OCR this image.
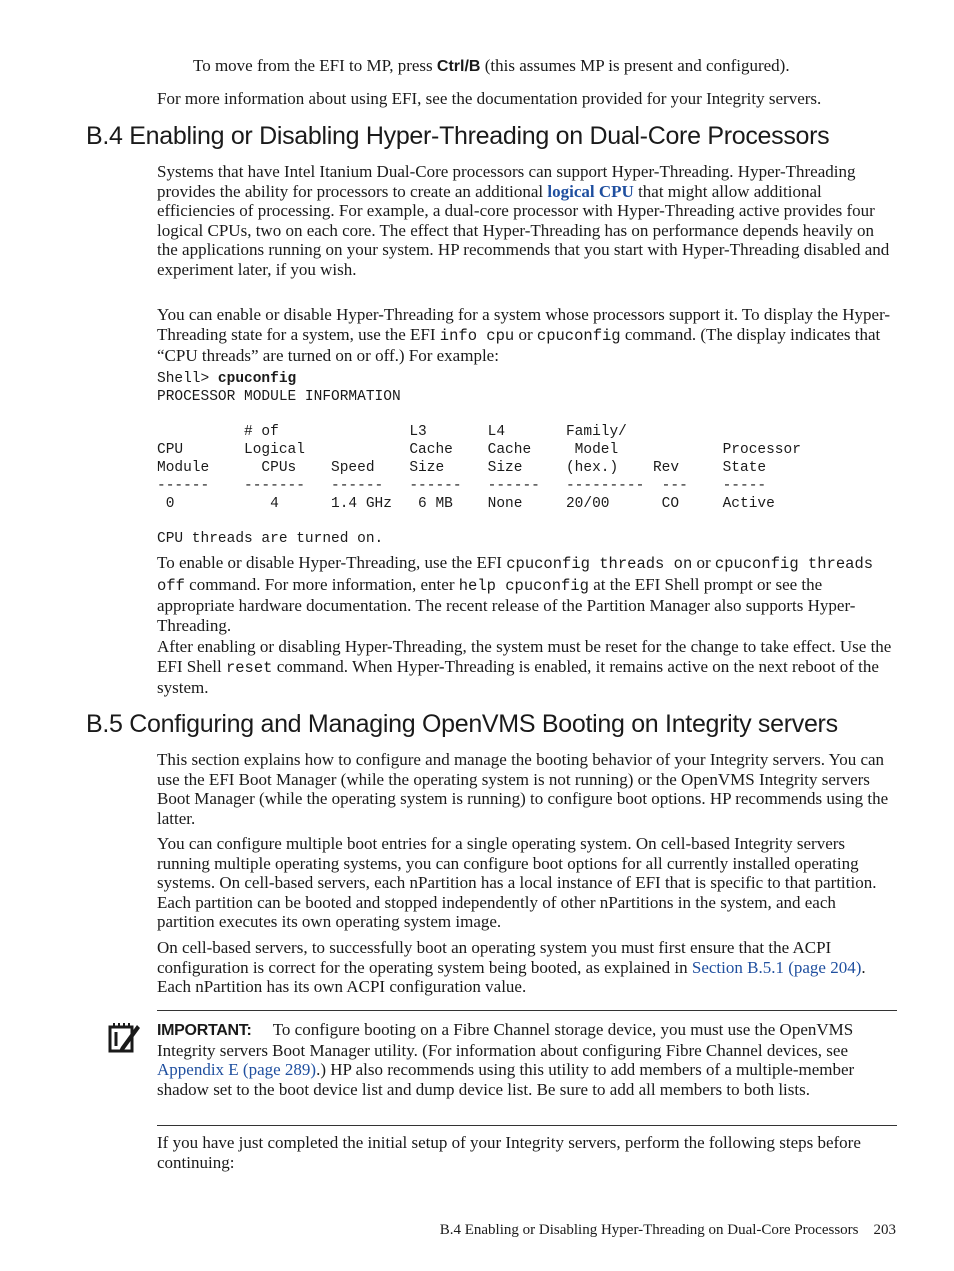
To move from the EFI to MP, press Ctrl/B (this assumes MP is present and configured).

For more information about using EFI, see the documentation provided for your Integrity servers.

B.4 Enabling or Disabling Hyper-Threading on Dual-Core Processors

Systems that have Intel Itanium Dual-Core processors can support Hyper-Threading. Hyper-Threading provides the ability for processors to create an additional logical CPU that might allow additional efficiencies of processing. For example, a dual-core processor with Hyper-Threading active provides four logical CPUs, two on each core. The effect that Hyper-Threading has on performance depends heavily on the applications running on your system. HP recommends that you start with Hyper-Threading disabled and experiment later, if you wish.

You can enable or disable Hyper-Threading for a system whose processors support it. To display the Hyper-Threading state for a system, use the EFI info cpu or cpuconfig command. (The display indicates that “CPU threads” are turned on or off.) For example:

Shell> cpuconfig
PROCESSOR MODULE INFORMATION

# of               L3       L4       Family/
CPU       Logical            Cache    Cache     Model            Processor
Module      CPUs    Speed    Size     Size     (hex.)    Rev     State
------    -------   ------   ------   ------   ---------  ---    -----
0           4      1.4 GHz   6 MB    None     20/00      CO     Active

CPU threads are turned on.

To enable or disable Hyper-Threading, use the EFI cpuconfig threads on or cpuconfig threads off command. For more information, enter help cpuconfig at the EFI Shell prompt or see the appropriate hardware documentation. The recent release of the Partition Manager also supports Hyper-Threading.

After enabling or disabling Hyper-Threading, the system must be reset for the change to take effect. Use the EFI Shell reset command. When Hyper-Threading is enabled, it remains active on the next reboot of the system.

B.5 Configuring and Managing OpenVMS Booting on Integrity servers

This section explains how to configure and manage the booting behavior of your Integrity servers. You can use the EFI Boot Manager (while the operating system is not running) or the OpenVMS Integrity servers Boot Manager (while the operating system is running) to configure boot options. HP recommends using the latter.

You can configure multiple boot entries for a single operating system. On cell-based Integrity servers running multiple operating systems, you can configure boot options for all currently installed operating systems. On cell-based servers, each nPartition has a local instance of EFI that is specific to that partition. Each partition can be booted and stopped independently of other nPartitions in the system, and each partition executes its own operating system image.

On cell-based servers, to successfully boot an operating system you must first ensure that the ACPI configuration is correct for the operating system being booted, as explained in Section B.5.1 (page 204). Each nPartition has its own ACPI configuration value.

IMPORTANT: To configure booting on a Fibre Channel storage device, you must use the OpenVMS Integrity servers Boot Manager utility. (For information about configuring Fibre Channel devices, see Appendix E (page 289).) HP also recommends using this utility to add members of a multiple-member shadow set to the boot device list and dump device list. Be sure to add all members to both lists.

If you have just completed the initial setup of your Integrity servers, perform the following steps before continuing:

B.4 Enabling or Disabling Hyper-Threading on Dual-Core Processors 203
